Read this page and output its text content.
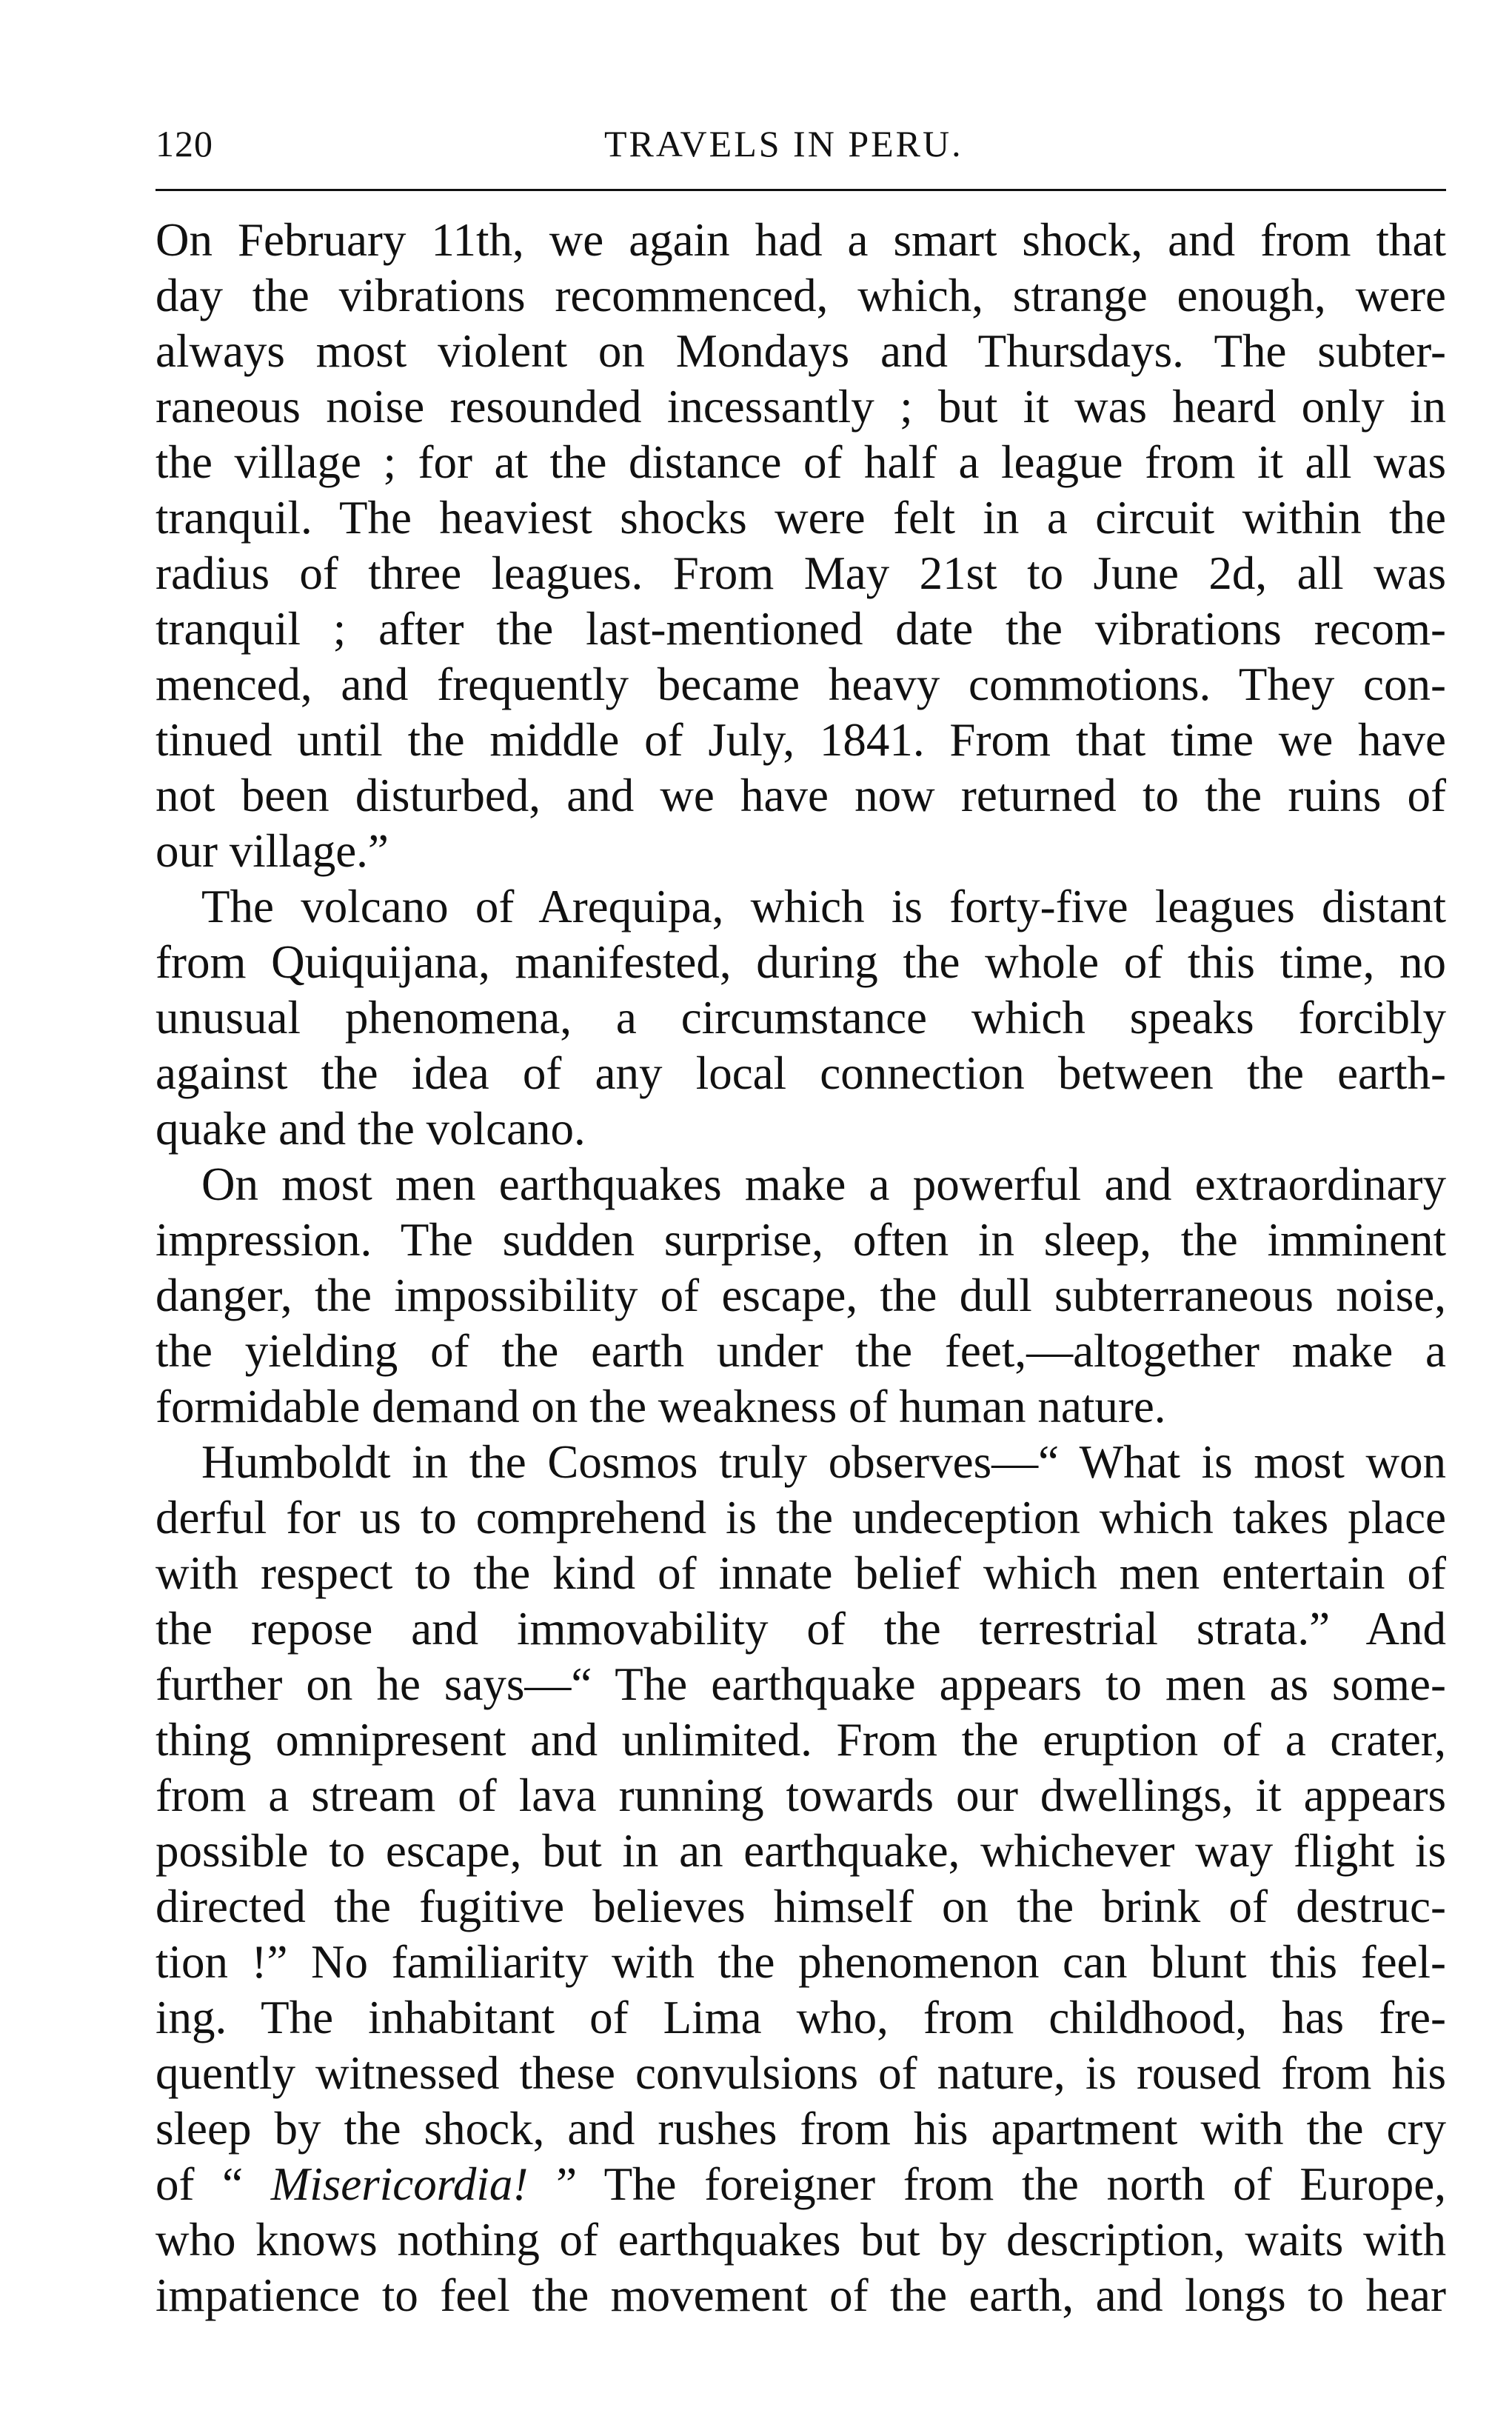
120	TRAVELS IN PERU.
On February 11th, we again had a smart shock, and from that
day the vibrations recommenced, which, strange enough, were
always most violent on Mondays and Thursdays. The subter-
raneous noise resounded incessantly ; but it was heard only in
the village ; for at the distance of half a league from it all was
tranquil. The heaviest shocks were felt in a circuit within the
radius of three leagues. From May 21st to June 2d, all was
tranquil ; after the last-mentioned date the vibrations recom-
menced, and frequently became heavy commotions. They con-
tinued until the middle of July, 1841. From that time we have
not been disturbed, and we have now returned to the ruins of
our village.”
The volcano of Arequipa, which is forty-five leagues distant
from Quiquijana, manifested, during the whole of this time, no
unusual phenomena, a circumstance which speaks forcibly
against the idea of any local connection between the earth-
quake and the volcano.
On most men earthquakes make a powerful and extraordinary
impression. The sudden surprise, often in sleep, the imminent
danger, the impossibility of escape, the dull subterraneous noise,
the yielding of the earth under the feet,—altogether make a
formidable demand on the weakness of human nature.
Humboldt in the Cosmos truly observes—“ What is most won
derful for us to comprehend is the undeception which takes place
with respect to the kind of innate belief which men entertain of
the repose and immovability of the terrestrial strata.” And
further on he says—“ The earthquake appears to men as some-
thing omnipresent and unlimited. From the eruption of a crater,
from a stream of lava running towards our dwellings, it appears
possible to escape, but in an earthquake, whichever way flight is
directed the fugitive believes himself on the brink of destruc-
tion !” No familiarity with the phenomenon can blunt this feel-
ing. The inhabitant of Lima who, from childhood, has fre-
quently witnessed these convulsions of nature, is roused from his
sleep by the shock, and rushes from his apartment with the cry
of “ Misericordia! ” The foreigner from the north of Europe,
who knows nothing of earthquakes but by description, waits with
impatience to feel the movement of the earth, and longs to hear
